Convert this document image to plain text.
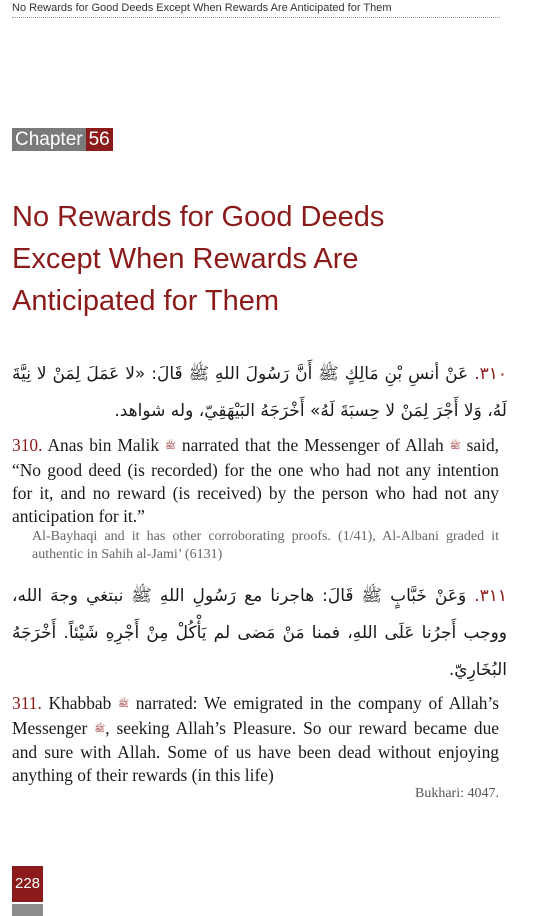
No Rewards for Good Deeds Except When Rewards Are Anticipated for Them
Chapter 56
No Rewards for Good Deeds
Except When Rewards Are
Anticipated for Them
٣١٠. عَنْ أنسِ بْنِ مَالِكٍ ﷺ أَنَّ رَسُولَ اللهِ ﷺ قَالَ: «لا عَمَلَ لِمَنْ لا نِيَّةَ لَهُ، وَلا أَجْرَ لِمَنْ لا حِسبَةَ لَهُ» أَخْرَجَهُ البَيْهَقِيّ، وله شواهد.
310. Anas bin Malik ﷺ narrated that the Messenger of Allah ﷺ said, “No good deed (is recorded) for the one who had not any intention for it, and no reward (is received) by the person who had not any anticipation for it.”
Al-Bayhaqi and it has other corroborating proofs. (1/41), Al-Albani graded it authentic in Sahih al-Jami’ (6131)
٣١١. وَعَنْ خَبَّابٍ ﷺ قَالَ: هاجرنا مع رَسُولِ اللهِ ﷺ نبتغي وجهَ الله، ووجب أَجرُنا عَلَى اللهِ، فمنا مَنْ مَضى لم يَأْكُلْ مِنْ أَجْرِهِ شَيْئاً. أَخْرَجَهُ البُخَارِيّ.
311. Khabbab ﷺ narrated: We emigrated in the company of Allah’s Messenger ﷺ, seeking Allah’s Pleasure. So our reward became due and sure with Allah. Some of us have been dead without enjoying anything of their rewards (in this life)
Bukhari: 4047.
228
